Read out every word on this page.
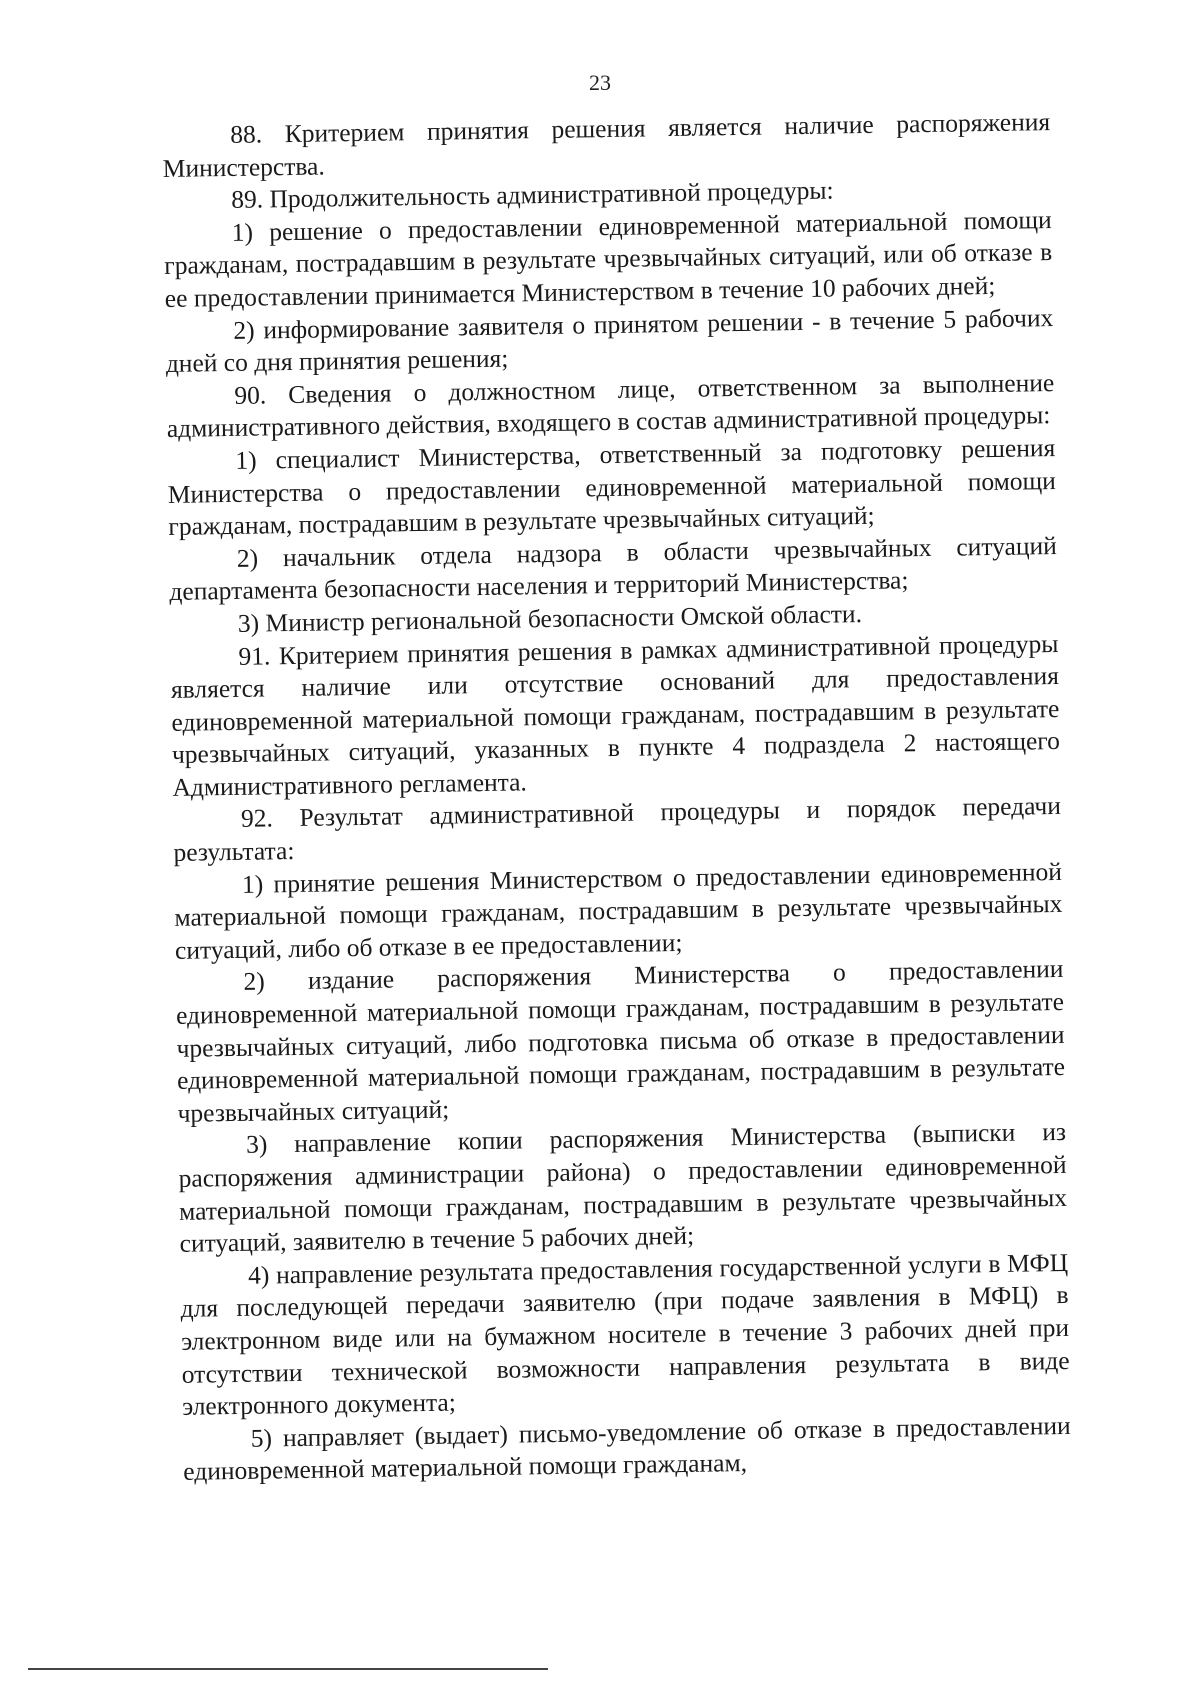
23

88. Критерием принятия решения является наличие распоряжения Министерства.

89. Продолжительность административной процедуры:

1) решение о предоставлении единовременной материальной помощи гражданам, пострадавшим в результате чрезвычайных ситуаций, или об отказе в ее предоставлении принимается Министерством в течение 10 рабочих дней;

2) информирование заявителя о принятом решении - в течение 5 рабочих дней со дня принятия решения;

90. Сведения о должностном лице, ответственном за выполнение административного действия, входящего в состав административной процедуры:

1) специалист Министерства, ответственный за подготовку решения Министерства о предоставлении единовременной материальной помощи гражданам, пострадавшим в результате чрезвычайных ситуаций;

2) начальник отдела надзора в области чрезвычайных ситуаций департамента безопасности населения и территорий Министерства;

3) Министр региональной безопасности Омской области.

91. Критерием принятия решения в рамках административной процедуры является наличие или отсутствие оснований для предоставления единовременной материальной помощи гражданам, пострадавшим в результате чрезвычайных ситуаций, указанных в пункте 4 подраздела 2 настоящего Административного регламента.

92. Результат административной процедуры и порядок передачи результата:

1) принятие решения Министерством о предоставлении единовременной материальной помощи гражданам, пострадавшим в результате чрезвычайных ситуаций, либо об отказе в ее предоставлении;

2) издание распоряжения Министерства о предоставлении единовременной материальной помощи гражданам, пострадавшим в результате чрезвычайных ситуаций, либо подготовка письма об отказе в предоставлении единовременной материальной помощи гражданам, пострадавшим в результате чрезвычайных ситуаций;

3) направление копии распоряжения Министерства (выписки из распоряжения администрации района) о предоставлении единовременной материальной помощи гражданам, пострадавшим в результате чрезвычайных ситуаций, заявителю в течение 5 рабочих дней;

4) направление результата предоставления государственной услуги в МФЦ для последующей передачи заявителю (при подаче заявления в МФЦ) в электронном виде или на бумажном носителе в течение 3 рабочих дней при отсутствии технической возможности направления результата в виде электронного документа;

5) направляет (выдает) письмо-уведомление об отказе в предоставлении единовременной материальной помощи гражданам,
